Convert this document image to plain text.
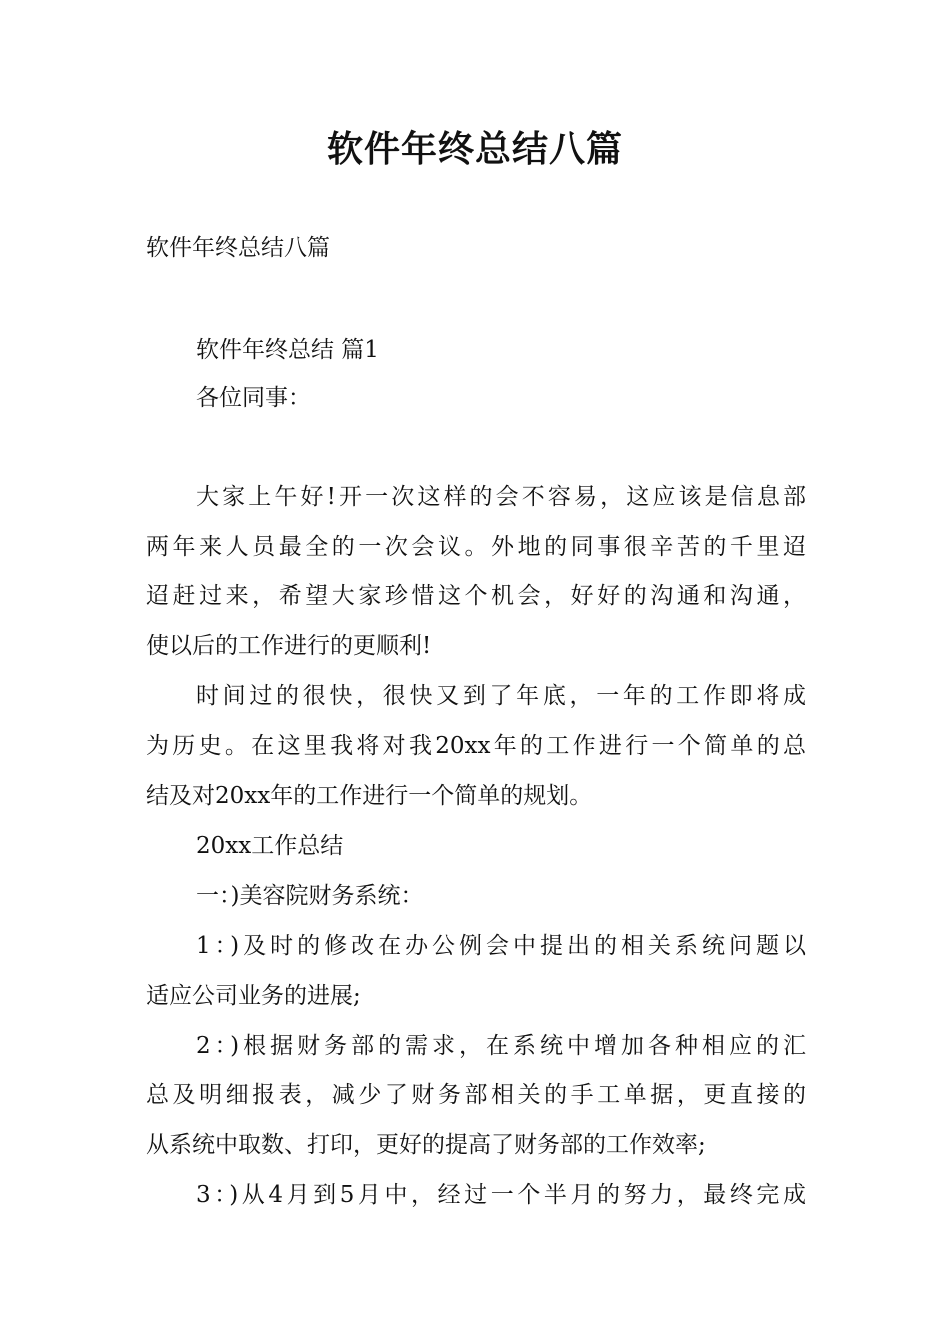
软件年终总结八篇
软件年终总结八篇
软件年终总结 篇1
各位同事：
大家上午好!开一次这样的会不容易，这应该是信息部
两年来人员最全的一次会议。外地的同事很辛苦的千里迢
迢赶过来，希望大家珍惜这个机会，好好的沟通和沟通，
使以后的工作进行的更顺利!
时间过的很快，很快又到了年底，一年的工作即将成
为历史。在这里我将对我20xx年的工作进行一个简单的总
结及对20xx年的工作进行一个简单的规划。
20xx工作总结
一：)美容院财务系统：
1：)及时的修改在办公例会中提出的相关系统问题以
适应公司业务的进展;
2：)根据财务部的需求，在系统中增加各种相应的汇
总及明细报表，减少了财务部相关的手工单据，更直接的
从系统中取数、打印，更好的提高了财务部的工作效率;
3：)从4月到5月中，经过一个半月的努力，最终完成
